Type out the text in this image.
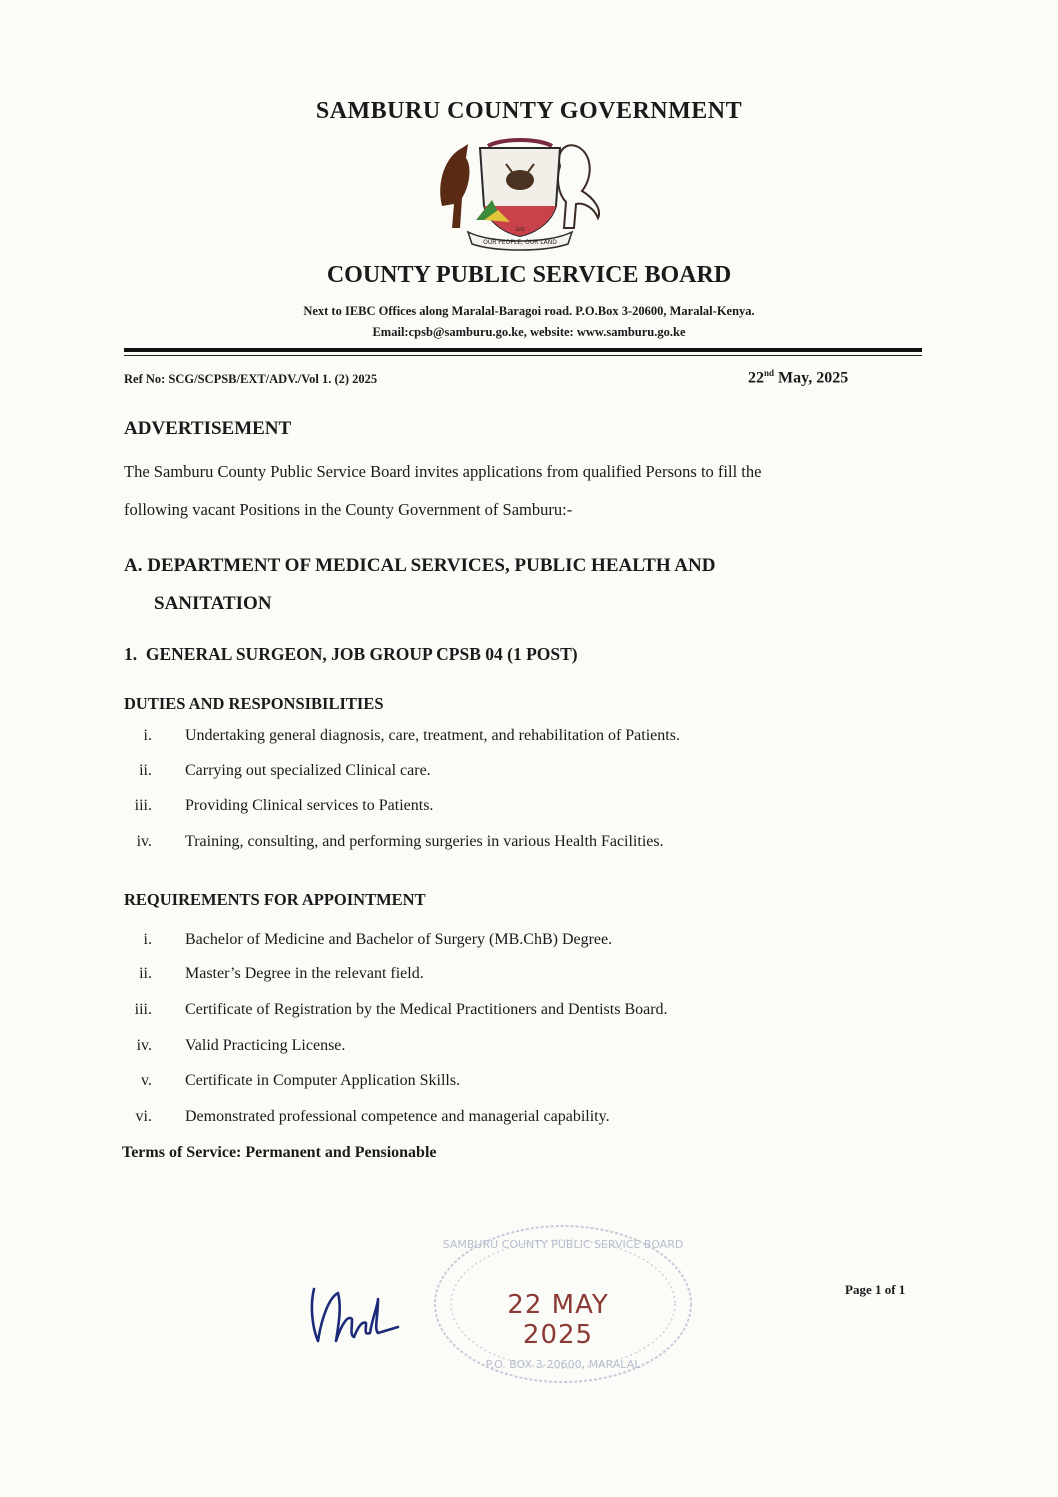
SAMBURU COUNTY GOVERNMENT
OUR PEOPLE, OUR LAND
GOD
COUNTY PUBLIC SERVICE BOARD
Next to IEBC Offices along Maralal-Baragoi road. P.O.Box 3-20600, Maralal-Kenya.
Email:cpsb@samburu.go.ke, website: www.samburu.go.ke
Ref No: SCG/SCPSB/EXT/ADV./Vol 1. (2) 2025	22nd May, 2025
ADVERTISEMENT
The Samburu County Public Service Board invites applications from qualified Persons to fill the
following vacant Positions in the County Government of Samburu:-
A. DEPARTMENT OF MEDICAL SERVICES, PUBLIC HEALTH AND
SANITATION
1.  GENERAL SURGEON, JOB GROUP CPSB 04 (1 POST)
DUTIES AND RESPONSIBILITIES
i. Undertaking general diagnosis, care, treatment, and rehabilitation of Patients.
ii. Carrying out specialized Clinical care.
iii. Providing Clinical services to Patients.
iv. Training, consulting, and performing surgeries in various Health Facilities.
REQUIREMENTS FOR APPOINTMENT
i. Bachelor of Medicine and Bachelor of Surgery (MB.ChB) Degree.
ii. Master’s Degree in the relevant field.
iii. Certificate of Registration by the Medical Practitioners and Dentists Board.
iv. Valid Practicing License.
v. Certificate in Computer Application Skills.
vi. Demonstrated professional competence and managerial capability.
Terms of Service: Permanent and Pensionable
SAMBURU COUNTY PUBLIC SERVICE BOARD
P.O. BOX 3-20600, MARALAL
22 MAY 2025
Page 1 of 1
